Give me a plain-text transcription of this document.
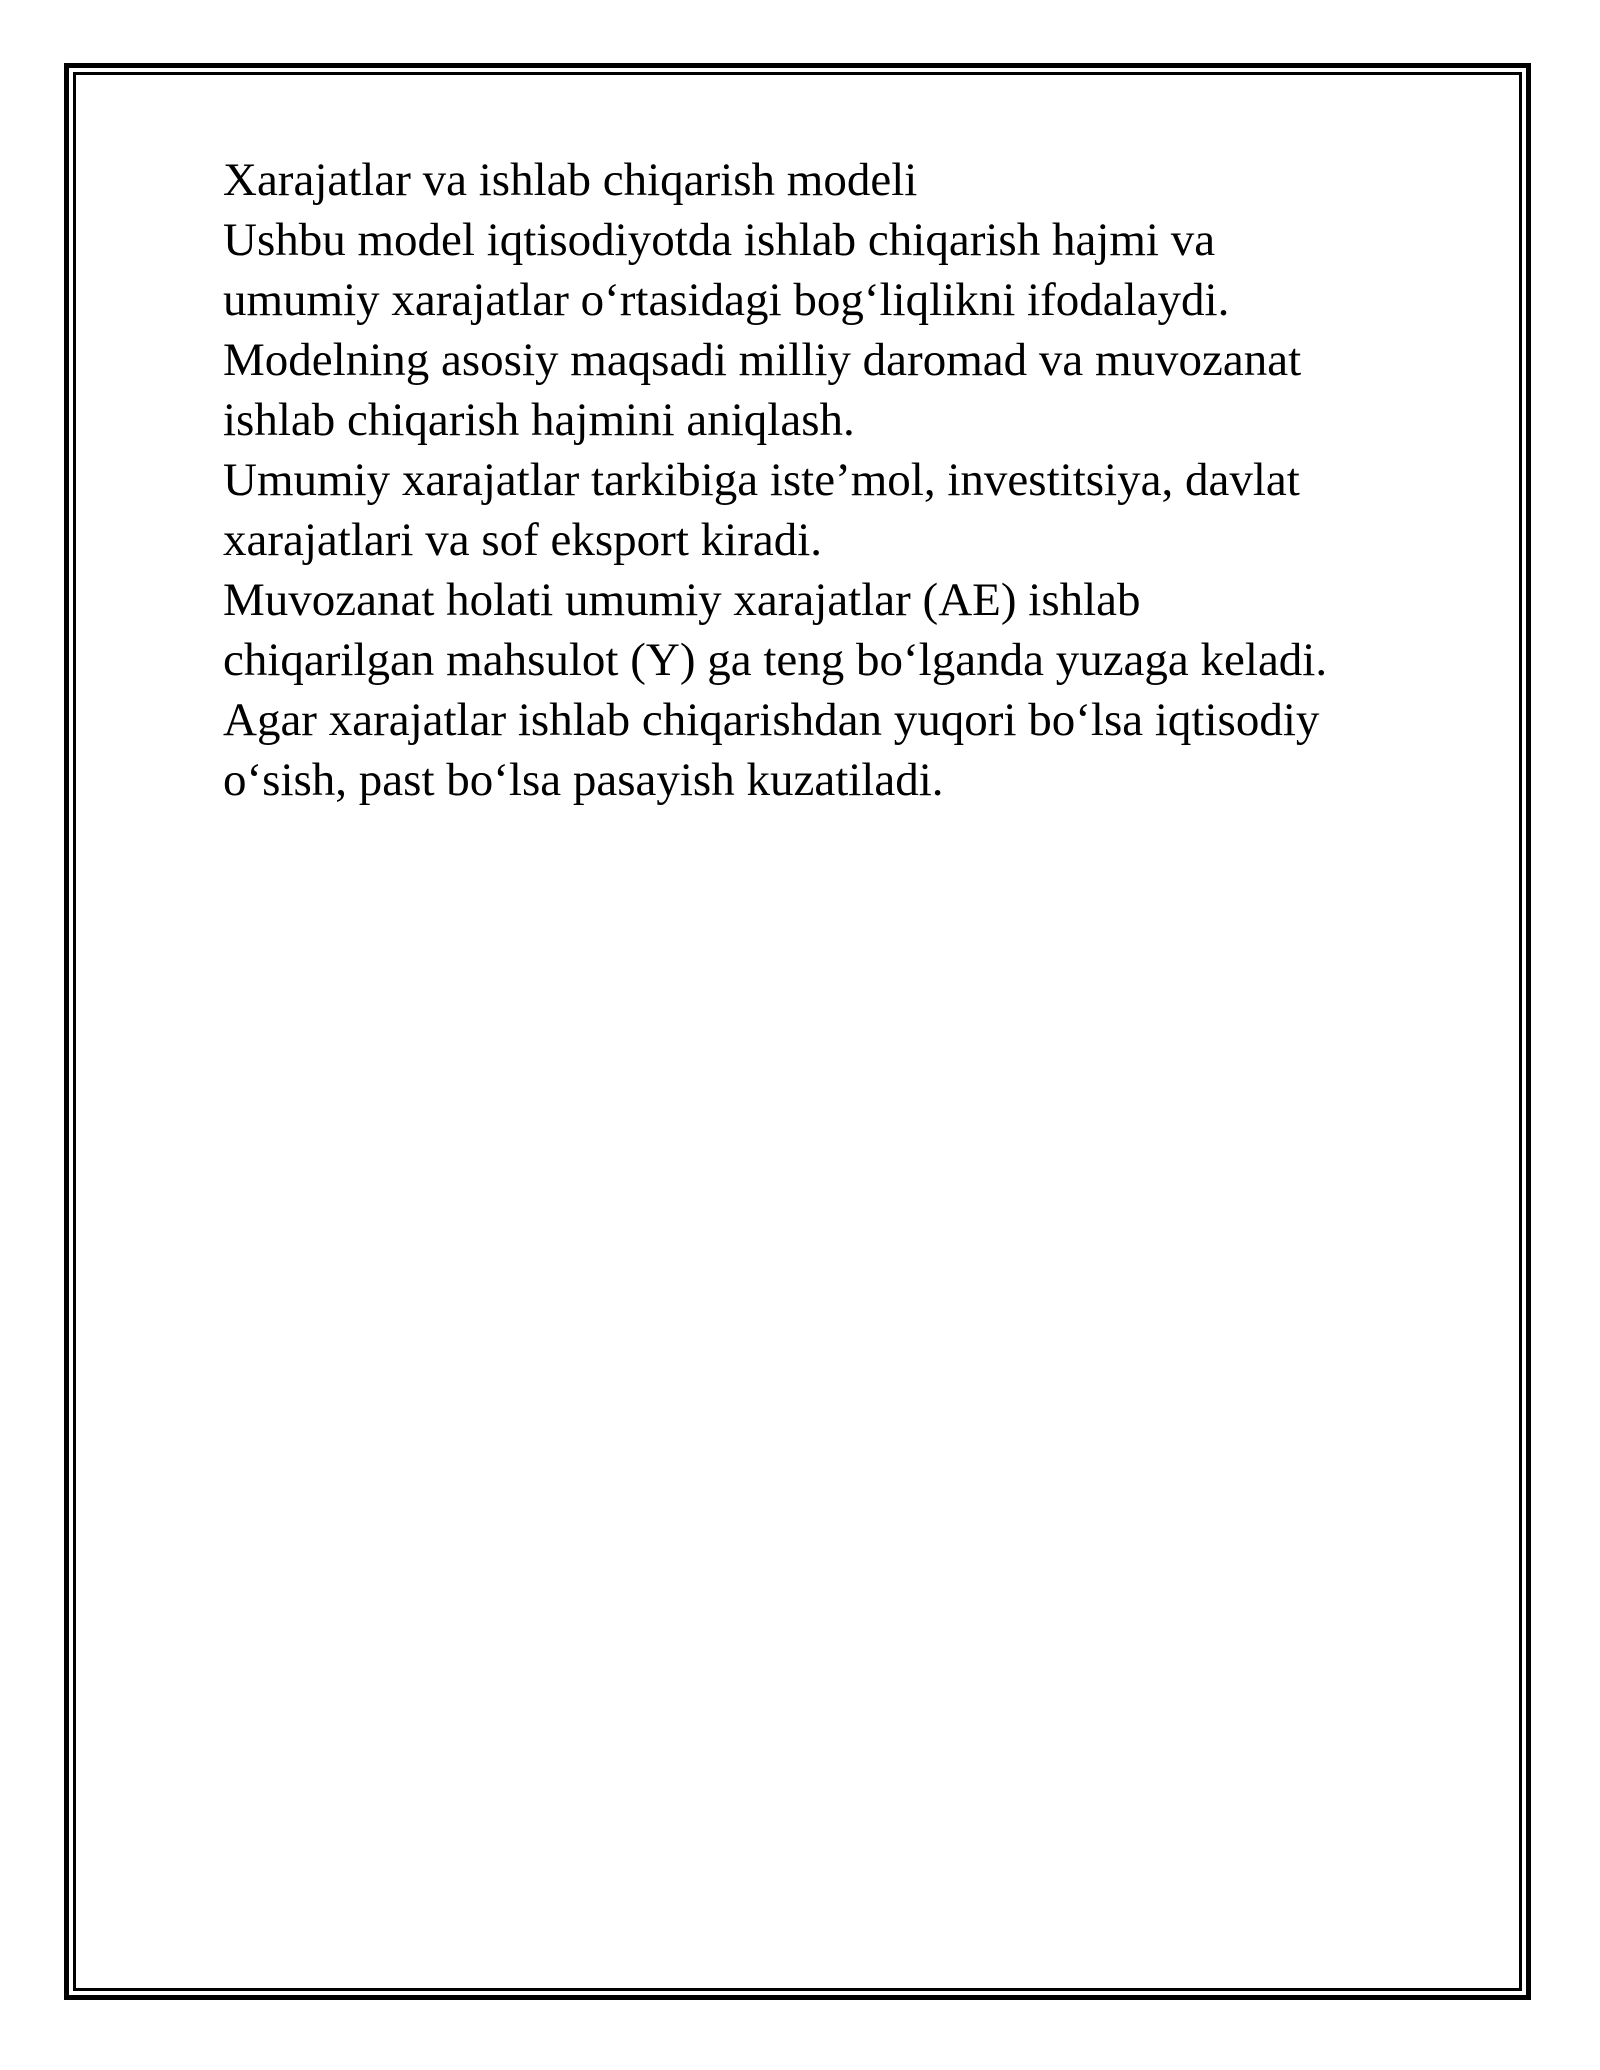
Xarajatlar va ishlab chiqarish modeli

Ushbu model iqtisodiyotda ishlab chiqarish hajmi va
umumiy xarajatlar o‘rtasidagi bog‘liqlikni ifodalaydi.

Modelning asosiy maqsadi milliy daromad va muvozanat
ishlab chiqarish hajmini aniqlash.

Umumiy xarajatlar tarkibiga iste’mol, investitsiya, davlat
xarajatlari va sof eksport kiradi.

Muvozanat holati umumiy xarajatlar (AE) ishlab
chiqarilgan mahsulot (Y) ga teng bo‘lganda yuzaga keladi.

Agar xarajatlar ishlab chiqarishdan yuqori bo‘lsa iqtisodiy
o‘sish, past bo‘lsa pasayish kuzatiladi.
